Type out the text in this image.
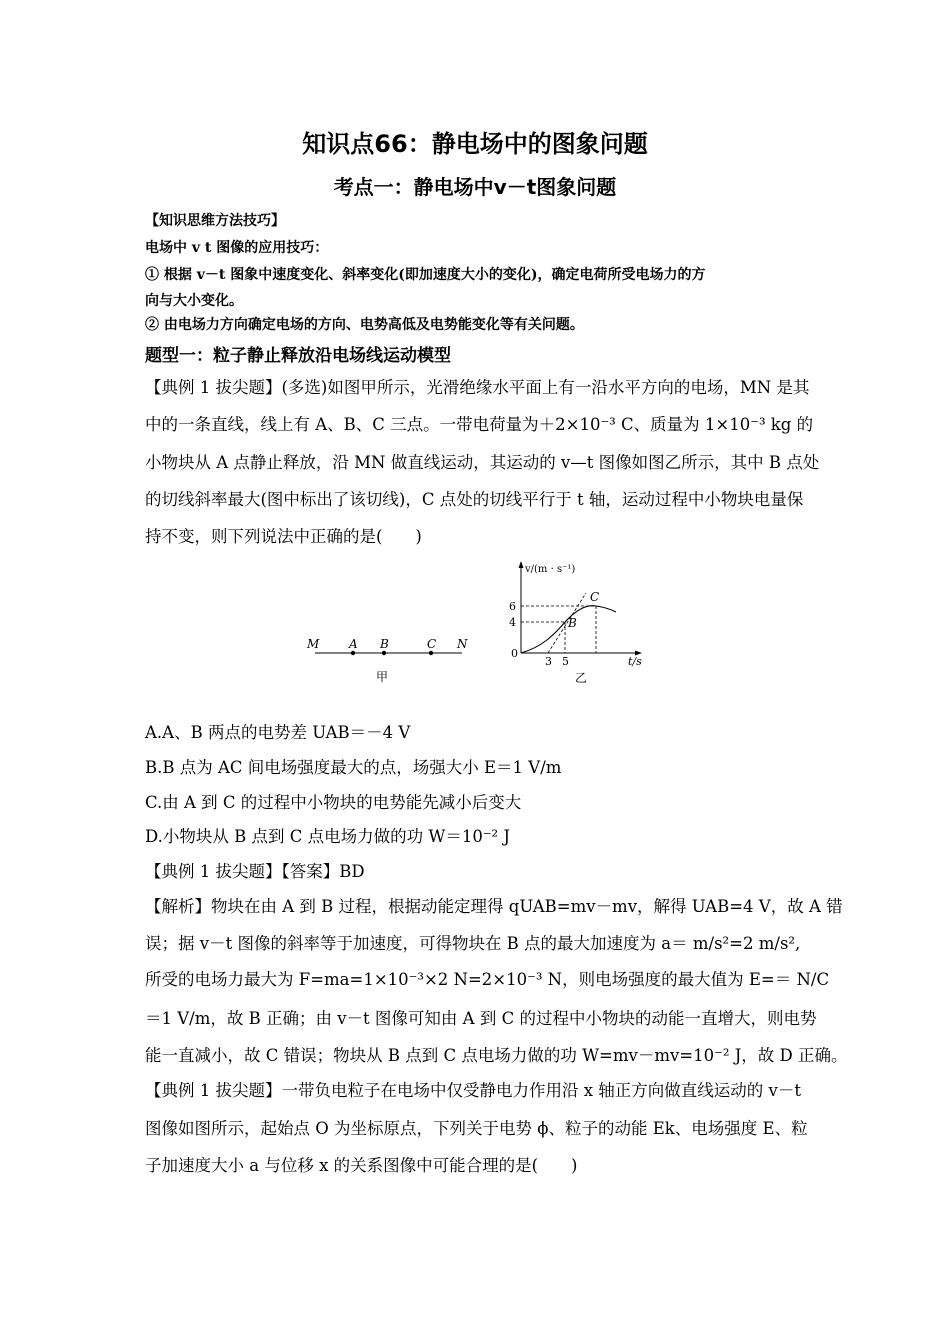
知识点66：静电场中的图象问题
考点一：静电场中v－t图象问题
【知识思维方法技巧】
电场中 v t 图像的应用技巧：
① 根据 v－t 图象中速度变化、斜率变化(即加速度大小的变化)，确定电荷所受电场力的方
向与大小变化。
② 由电场力方向确定电场的方向、电势高低及电势能变化等有关问题。
题型一：粒子静止释放沿电场线运动模型
【典例 1 拔尖题】(多选)如图甲所示，光滑绝缘水平面上有一沿水平方向的电场，MN 是其
中的一条直线，线上有 A、B、C 三点。一带电荷量为＋2×10⁻³ C、质量为 1×10⁻³ kg 的
小物块从 A 点静止释放，沿 MN 做直线运动，其运动的 v—t 图像如图乙所示，其中 B 点处
的切线斜率最大(图中标出了该切线)，C 点处的切线平行于 t 轴，运动过程中小物块电量保
持不变，则下列说法中正确的是(　　)
M A B	C N
甲
v/(m · s⁻¹)
t/s
0
6
4
3 5
B
C
乙
A.A、B 两点的电势差 UAB＝－4 V
B.B 点为 AC 间电场强度最大的点，场强大小 E＝1 V/m
C.由 A 到 C 的过程中小物块的电势能先减小后变大
D.小物块从 B 点到 C 点电场力做的功 W＝10⁻² J
【典例 1 拔尖题】【答案】BD
【解析】物块在由 A 到 B 过程，根据动能定理得 qUAB=mv－mv，解得 UAB=4 V，故 A 错
误；据 v－t 图像的斜率等于加速度，可得物块在 B 点的最大加速度为 a＝ m/s²=2 m/s²,
所受的电场力最大为 F=ma=1×10⁻³×2 N=2×10⁻³ N，则电场强度的最大值为 E=＝ N/C
＝1 V/m，故 B 正确；由 v－t 图像可知由 A 到 C 的过程中小物块的动能一直增大，则电势
能一直减小，故 C 错误；物块从 B 点到 C 点电场力做的功 W=mv－mv=10⁻² J，故 D 正确。
【典例 1 拔尖题】一带负电粒子在电场中仅受静电力作用沿 x 轴正方向做直线运动的 v－t
图像如图所示，起始点 O 为坐标原点，下列关于电势 ϕ、粒子的动能 Ek、电场强度 E、粒
子加速度大小 a 与位移 x 的关系图像中可能合理的是(　　)
